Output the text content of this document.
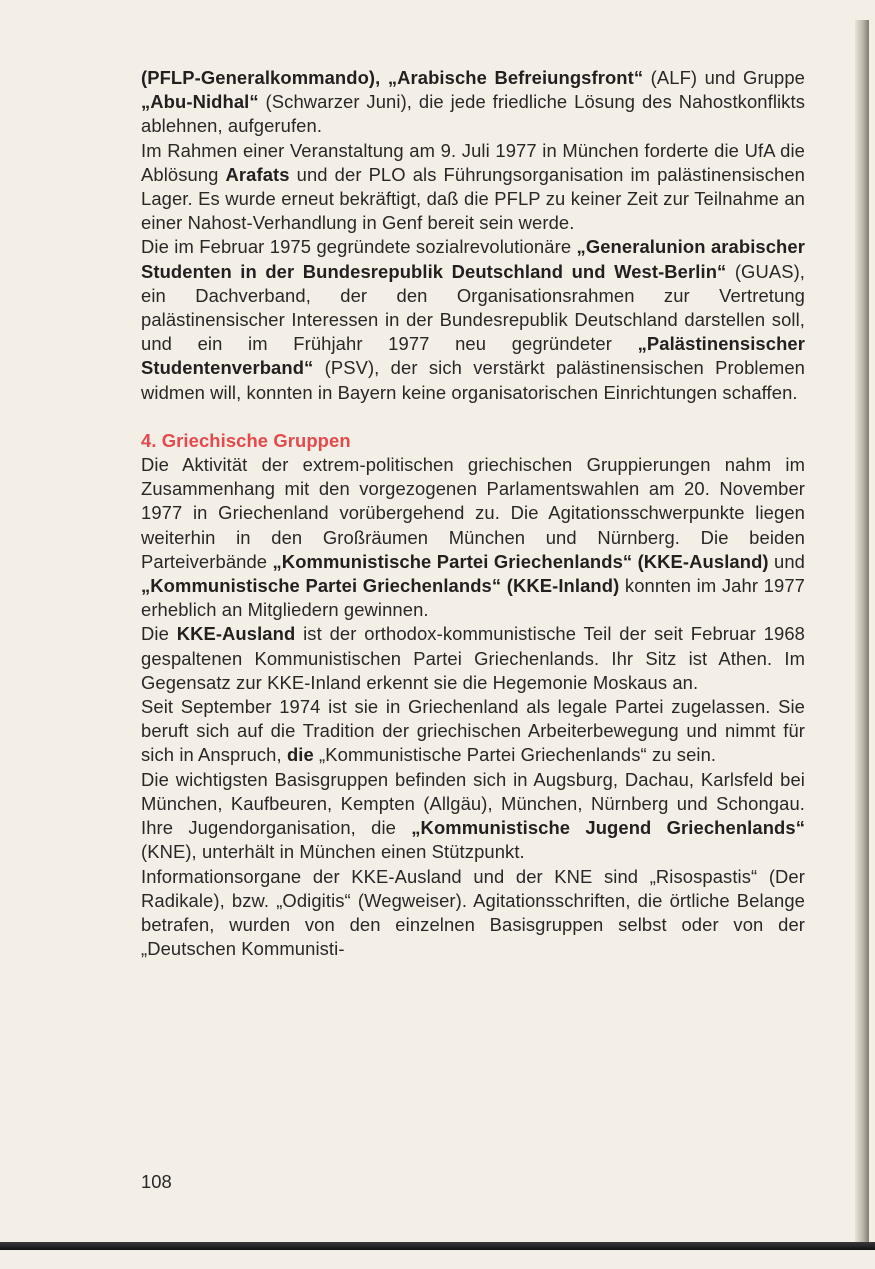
(PFLP-Generalkommando), „Arabische Befreiungsfront“ (ALF) und Gruppe „Abu-Nidhal“ (Schwarzer Juni), die jede friedliche Lösung des Nahostkonflikts ablehnen, aufgerufen.

Im Rahmen einer Veranstaltung am 9. Juli 1977 in München forderte die UfA die Ablösung Arafats und der PLO als Führungsorganisation im palästinensischen Lager. Es wurde erneut bekräftigt, daß die PFLP zu keiner Zeit zur Teilnahme an einer Nahost-Verhandlung in Genf bereit sein werde.

Die im Februar 1975 gegründete sozialrevolutionäre „Generalunion arabischer Studenten in der Bundesrepublik Deutschland und West-Berlin“ (GUAS), ein Dachverband, der den Organisationsrahmen zur Vertretung palästinensischer Interessen in der Bundesrepublik Deutschland darstellen soll, und ein im Frühjahr 1977 neu gegründeter „Palästinensischer Studentenverband“ (PSV), der sich verstärkt palästinensischen Problemen widmen will, konnten in Bayern keine organisatorischen Einrichtungen schaffen.

4. Griechische Gruppen

Die Aktivität der extrem-politischen griechischen Gruppierungen nahm im Zusammenhang mit den vorgezogenen Parlamentswahlen am 20. November 1977 in Griechenland vorübergehend zu. Die Agitationsschwerpunkte liegen weiterhin in den Großräumen München und Nürnberg. Die beiden Parteiverbände „Kommunistische Partei Griechenlands“ (KKE-Ausland) und „Kommunistische Partei Griechenlands“ (KKE-Inland) konnten im Jahr 1977 erheblich an Mitgliedern gewinnen.

Die KKE-Ausland ist der orthodox-kommunistische Teil der seit Februar 1968 gespaltenen Kommunistischen Partei Griechenlands. Ihr Sitz ist Athen. Im Gegensatz zur KKE-Inland erkennt sie die Hegemonie Moskaus an.

Seit September 1974 ist sie in Griechenland als legale Partei zugelassen. Sie beruft sich auf die Tradition der griechischen Arbeiterbewegung und nimmt für sich in Anspruch, die „Kommunistische Partei Griechenlands“ zu sein.

Die wichtigsten Basisgruppen befinden sich in Augsburg, Dachau, Karlsfeld bei München, Kaufbeuren, Kempten (Allgäu), München, Nürnberg und Schongau. Ihre Jugendorganisation, die „Kommunistische Jugend Griechenlands“ (KNE), unterhält in München einen Stützpunkt.

Informationsorgane der KKE-Ausland und der KNE sind „Risospastis“ (Der Radikale), bzw. „Odigitis“ (Wegweiser). Agitationsschriften, die örtliche Belange betrafen, wurden von den einzelnen Basisgruppen selbst oder von der „Deutschen Kommunisti-

108
